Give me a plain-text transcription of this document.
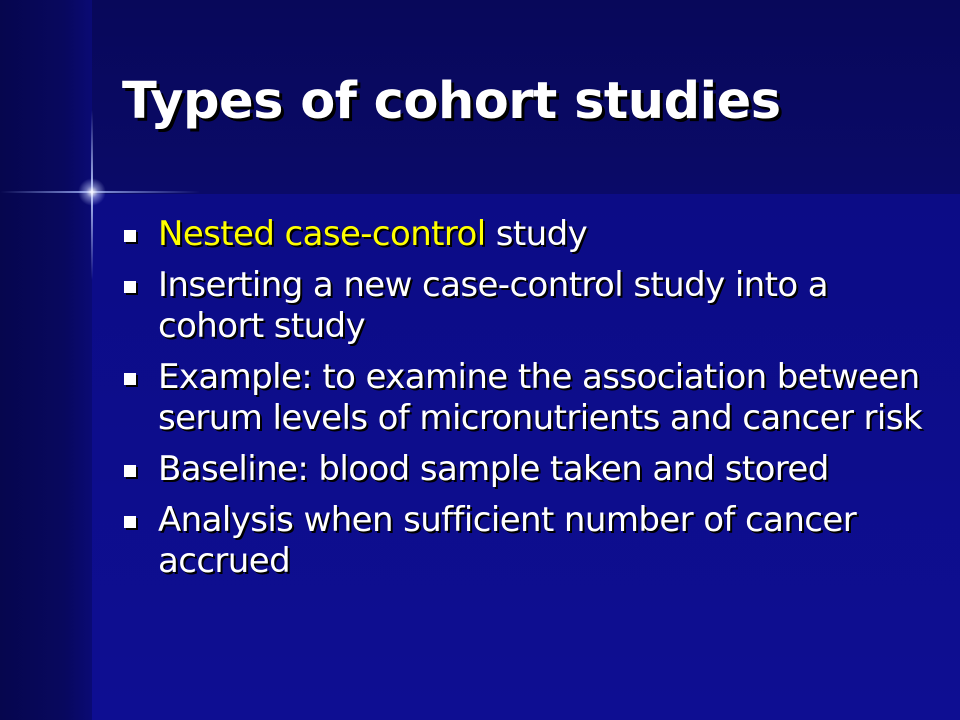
Types of cohort studies
Nested case-control study
Inserting a new case-control study into a cohort study
Example: to examine the association between serum levels of micronutrients and cancer risk
Baseline: blood sample taken and stored
Analysis when sufficient number of cancer accrued
